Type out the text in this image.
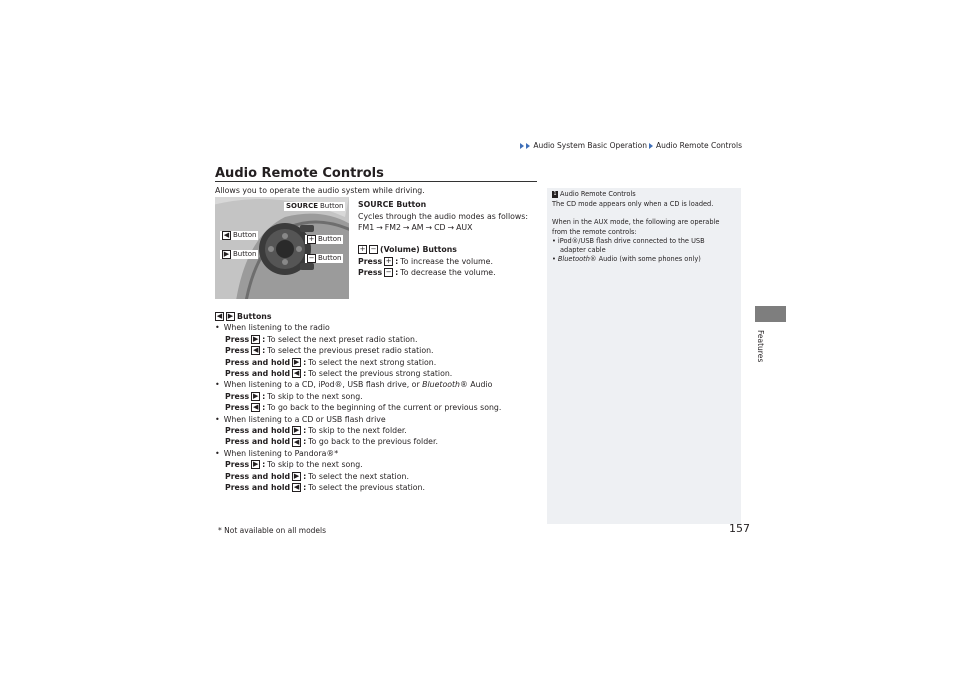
Audio System Basic Operation Audio Remote Controls
Audio Remote Controls
Features
Allows you to operate the audio system while driving.
SOURCE Button
◀ Button	+ Button
▶ Button	− Button
SOURCE Button
Cycles through the audio modes as follows:
FM1 → FM2 → AM → CD → AUX
+ − (Volume) Buttons
Press + : To increase the volume.
Press − : To decrease the volume.
◀ ▶ Buttons
• When listening to the radio
Press ▶ : To select the next preset radio station.
Press ◀ : To select the previous preset radio station.
Press and hold ▶ : To select the next strong station.
Press and hold ◀ : To select the previous strong station.
• When listening to a CD, iPod®, USB flash drive, or Bluetooth® Audio
Press ▶ : To skip to the next song.
Press ◀ : To go back to the beginning of the current or previous song.
• When listening to a CD or USB flash drive
Press and hold ▶ : To skip to the next folder.
Press and hold ◀ : To go back to the previous folder.
• When listening to Pandora®*
Press ▶ : To skip to the next song.
Press and hold ▶ : To select the next station.
Press and hold ◀ : To select the previous station.
1 Audio Remote Controls

The CD mode appears only when a CD is loaded.

When in the AUX mode, the following are operable from the remote controls:

• iPod®/USB flash drive connected to the USB
adapter cable
• Bluetooth® Audio (with some phones only)
* Not available on all models	157
